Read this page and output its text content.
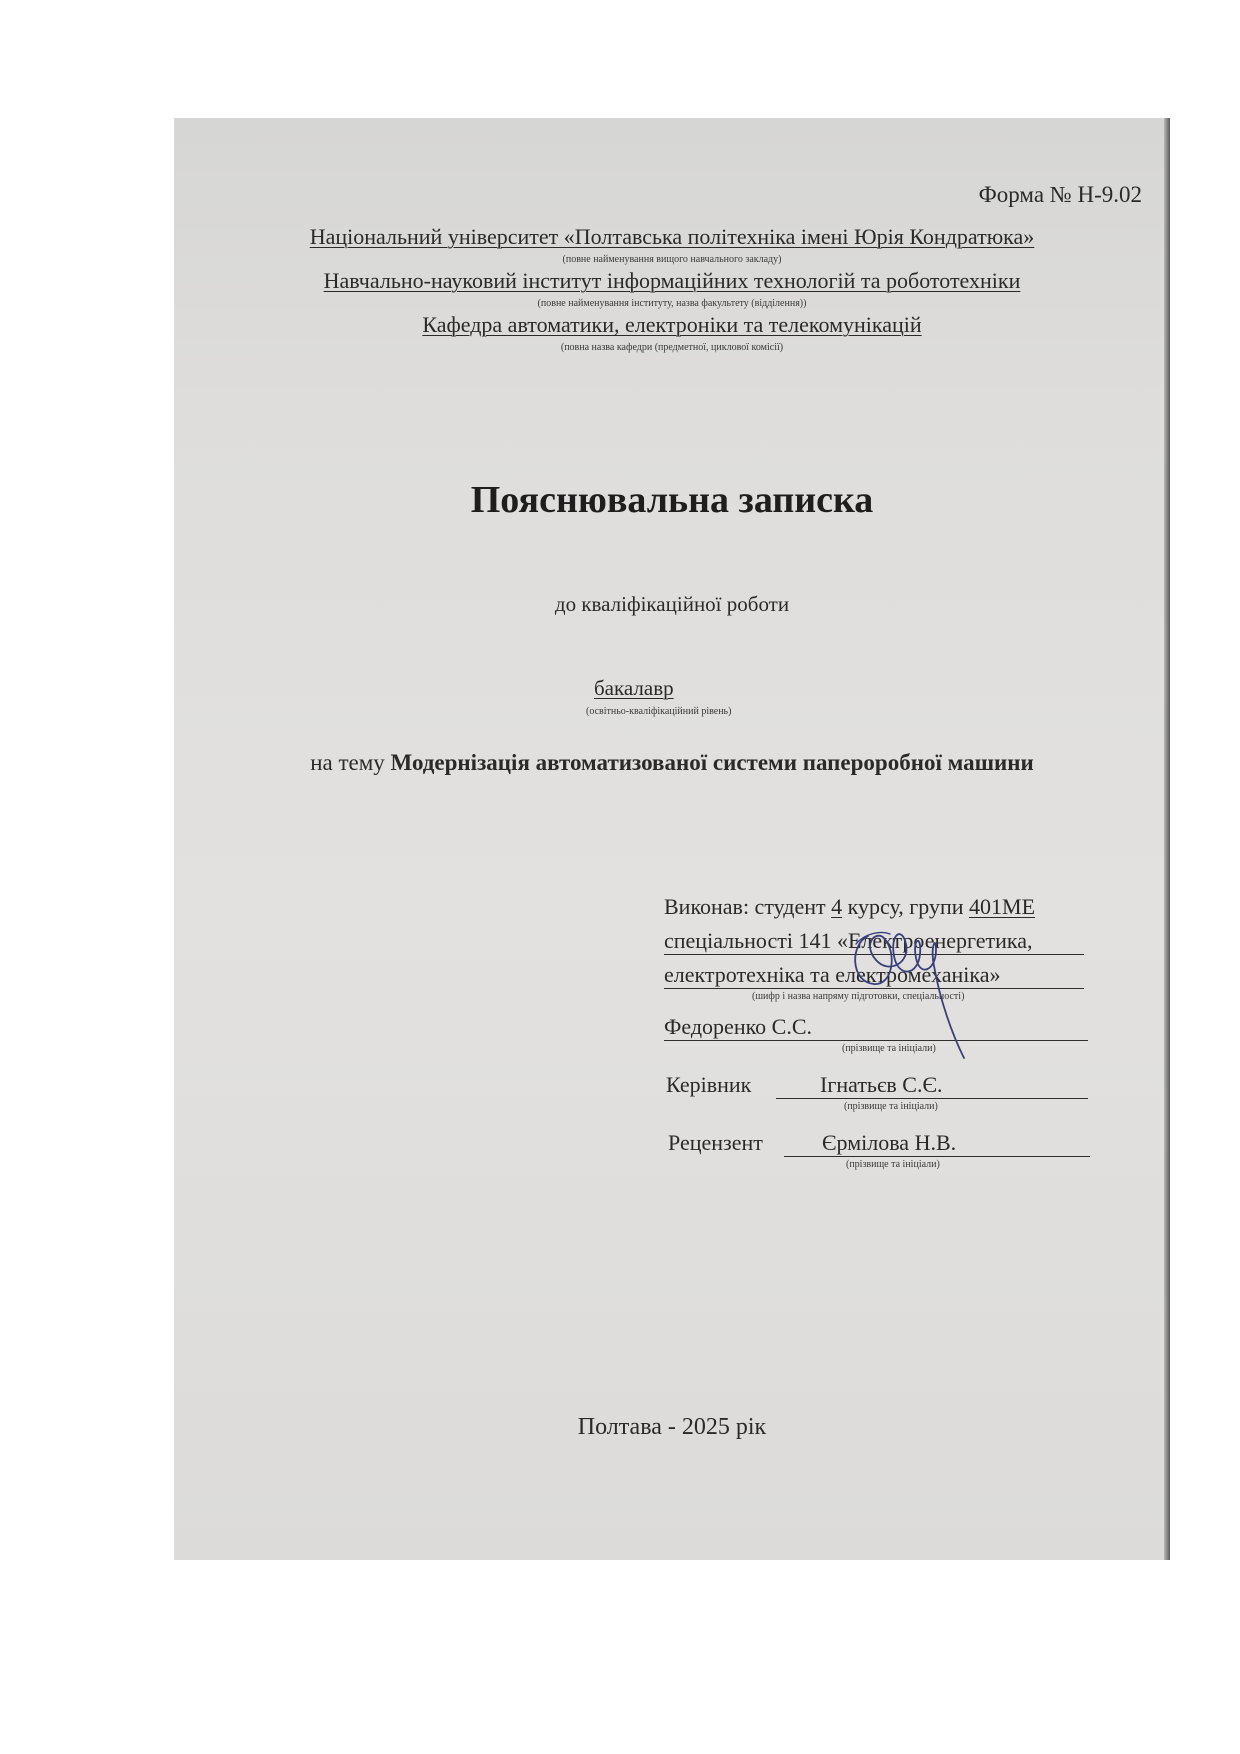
Форма № Н-9.02
Національний університет «Полтавська політехніка імені Юрія Кондратюка»
(повне найменування вищого навчального закладу)
Навчально-науковий інститут інформаційних технологій та робототехніки
(повне найменування інституту, назва факультету (відділення))
Кафедра автоматики, електроніки та телекомунікацій
(повна назва кафедри (предметної, циклової комісії)
Пояснювальна записка
до кваліфікаційної роботи
бакалавр
(освітньо-кваліфікаційний рівень)
на тему Модернізація автоматизованої системи папероробної машини
Виконав: студент 4 курсу, групи 401МЕ
спеціальності 141 «Електроенергетика,
електротехніка та електромеханіка»
(шифр і назва напряму підготовки, спеціальності)
Федоренко С.С.
(прізвище та ініціали)
Керівник	Ігнатьєв С.Є.
(прізвище та ініціали)
Рецензент	Єрмілова Н.В.
(прізвище та ініціали)
Полтава - 2025 рік
